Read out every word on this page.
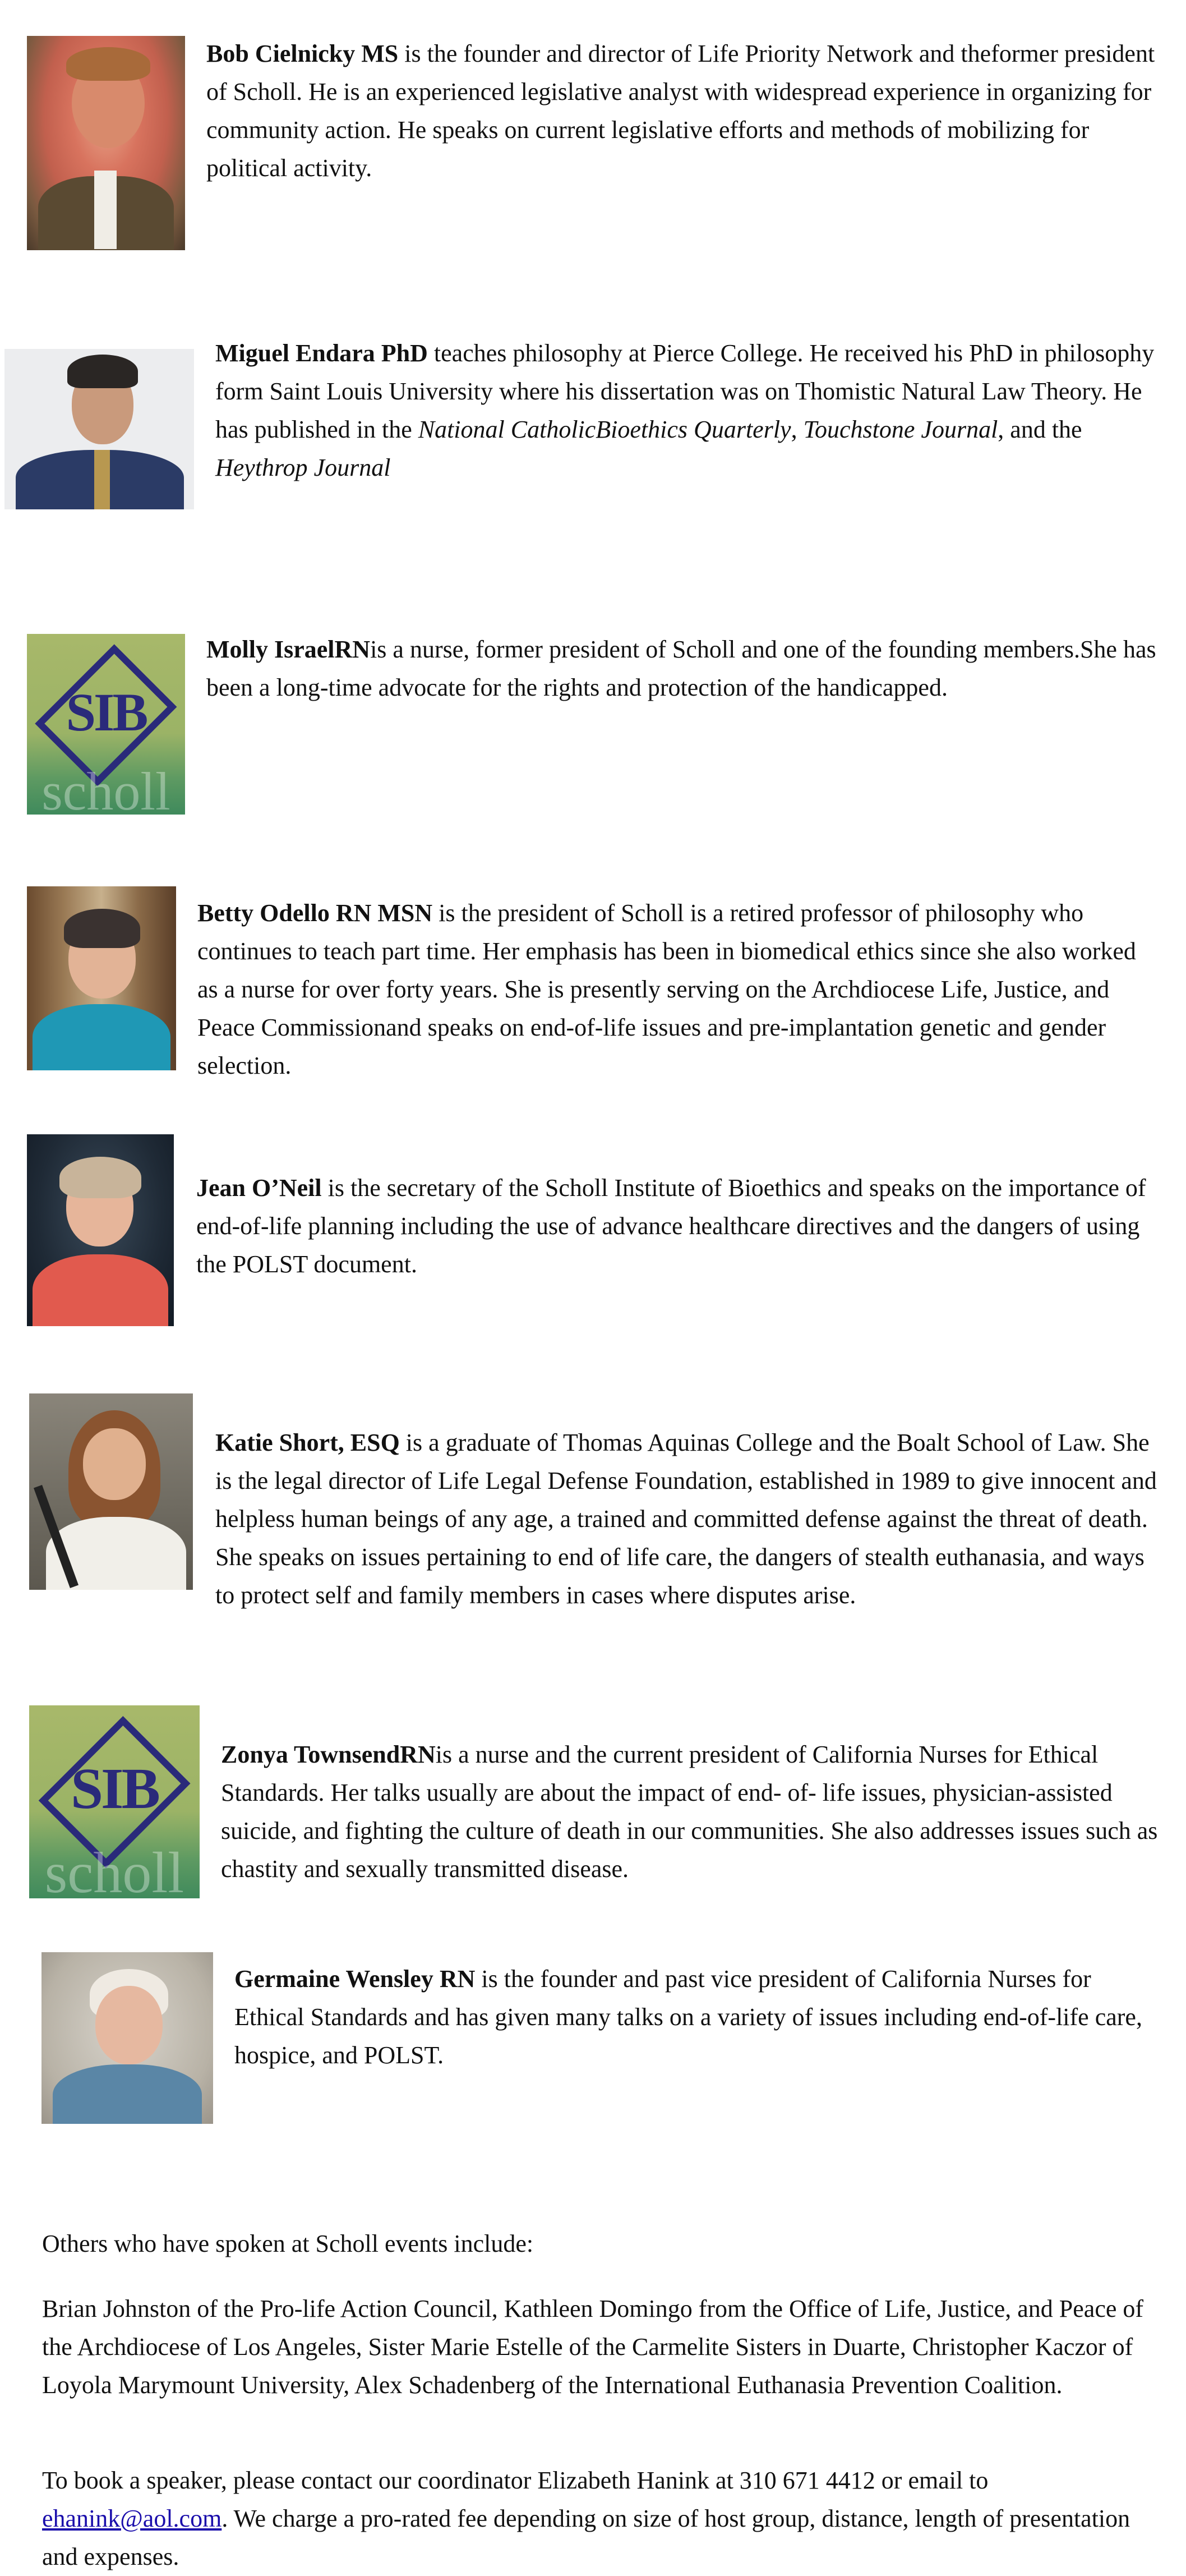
Bob Cielnicky MS is the founder and director of Life Priority Network and theformer president of Scholl. He is an experienced legislative analyst with widespread experience in organizing for community action. He speaks on current legislative efforts and methods of mobilizing for political activity.

Miguel Endara PhD teaches philosophy at Pierce College. He received his PhD in philosophy form Saint Louis University where his dissertation was on Thomistic Natural Law Theory. He has published in the National CatholicBioethics Quarterly, Touchstone Journal, and the Heythrop Journal

SIB
scholl

Molly IsraelRNis a nurse, former president of Scholl and one of the founding members.She has been a long-time advocate for the rights and protection of the handicapped.

Betty Odello RN MSN is the president of Scholl is a retired professor of philosophy who continues to teach part time. Her emphasis has been in biomedical ethics since she also worked as a nurse for over forty years. She is presently serving on the Archdiocese Life, Justice, and Peace Commissionand speaks on end-of-life issues and pre-implantation genetic and gender selection.

Jean O’Neil is the secretary of the Scholl Institute of Bioethics and speaks on the importance of end-of-life planning including the use of advance healthcare directives and the dangers of using the POLST document.

Katie Short, ESQ is a graduate of Thomas Aquinas College and the Boalt School of Law. She is the legal director of Life Legal Defense Foundation, established in 1989 to give innocent and helpless human beings of any age, a trained and committed defense against the threat of death. She speaks on issues pertaining to end of life care, the dangers of stealth euthanasia, and ways to protect self and family members in cases where disputes arise.

SIB
scholl

Zonya TownsendRNis a nurse and the current president of California Nurses for Ethical Standards. Her talks usually are about the impact of end- of- life issues, physician-assisted suicide, and fighting the culture of death in our communities. She also addresses issues such as chastity and sexually transmitted disease.

Germaine Wensley RN is the founder and past vice president of California Nurses for Ethical Standards and has given many talks on a variety of issues including end-of-life care, hospice, and POLST.

Others who have spoken at Scholl events include:

Brian Johnston of the Pro-life Action Council, Kathleen Domingo from the Office of Life, Justice, and Peace of the Archdiocese of Los Angeles, Sister Marie Estelle of the Carmelite Sisters in Duarte, Christopher Kaczor of Loyola Marymount University, Alex Schadenberg of the International Euthanasia Prevention Coalition.

To book a speaker, please contact our coordinator Elizabeth Hanink at 310 671 4412 or email to ehanink@aol.com. We charge a pro-rated fee depending on size of host group, distance, length of presentation and expenses.
